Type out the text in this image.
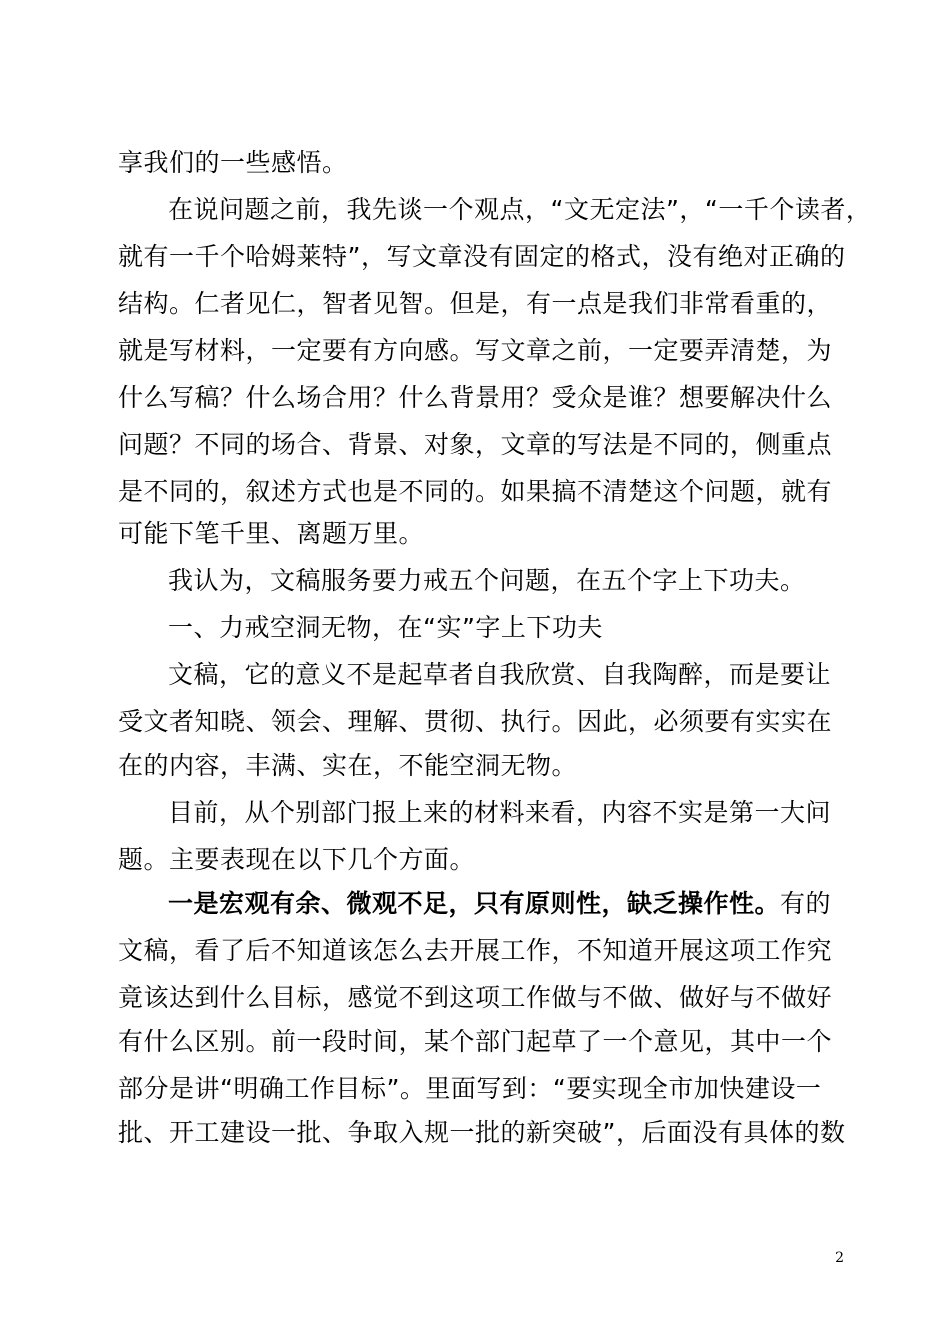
享我们的一些感悟。
在说问题之前，我先谈一个观点，“文无定法”，“一千个读者，
就有一千个哈姆莱特”，写文章没有固定的格式，没有绝对正确的
结构。仁者见仁，智者见智。但是，有一点是我们非常看重的，
就是写材料，一定要有方向感。写文章之前，一定要弄清楚，为
什么写稿？什么场合用？什么背景用？受众是谁？想要解决什么
问题？不同的场合、背景、对象，文章的写法是不同的，侧重点
是不同的，叙述方式也是不同的。如果搞不清楚这个问题，就有
可能下笔千里、离题万里。
我认为，文稿服务要力戒五个问题，在五个字上下功夫。
一、力戒空洞无物，在“实”字上下功夫
文稿，它的意义不是起草者自我欣赏、自我陶醉，而是要让
受文者知晓、领会、理解、贯彻、执行。因此，必须要有实实在
在的内容，丰满、实在，不能空洞无物。
目前，从个别部门报上来的材料来看，内容不实是第一大问
题。主要表现在以下几个方面。
一是宏观有余、微观不足，只有原则性，缺乏操作性。有的
文稿，看了后不知道该怎么去开展工作，不知道开展这项工作究
竟该达到什么目标，感觉不到这项工作做与不做、做好与不做好
有什么区别。前一段时间，某个部门起草了一个意见，其中一个
部分是讲“明确工作目标”。里面写到：“要实现全市加快建设一
批、开工建设一批、争取入规一批的新突破”，后面没有具体的数
2
